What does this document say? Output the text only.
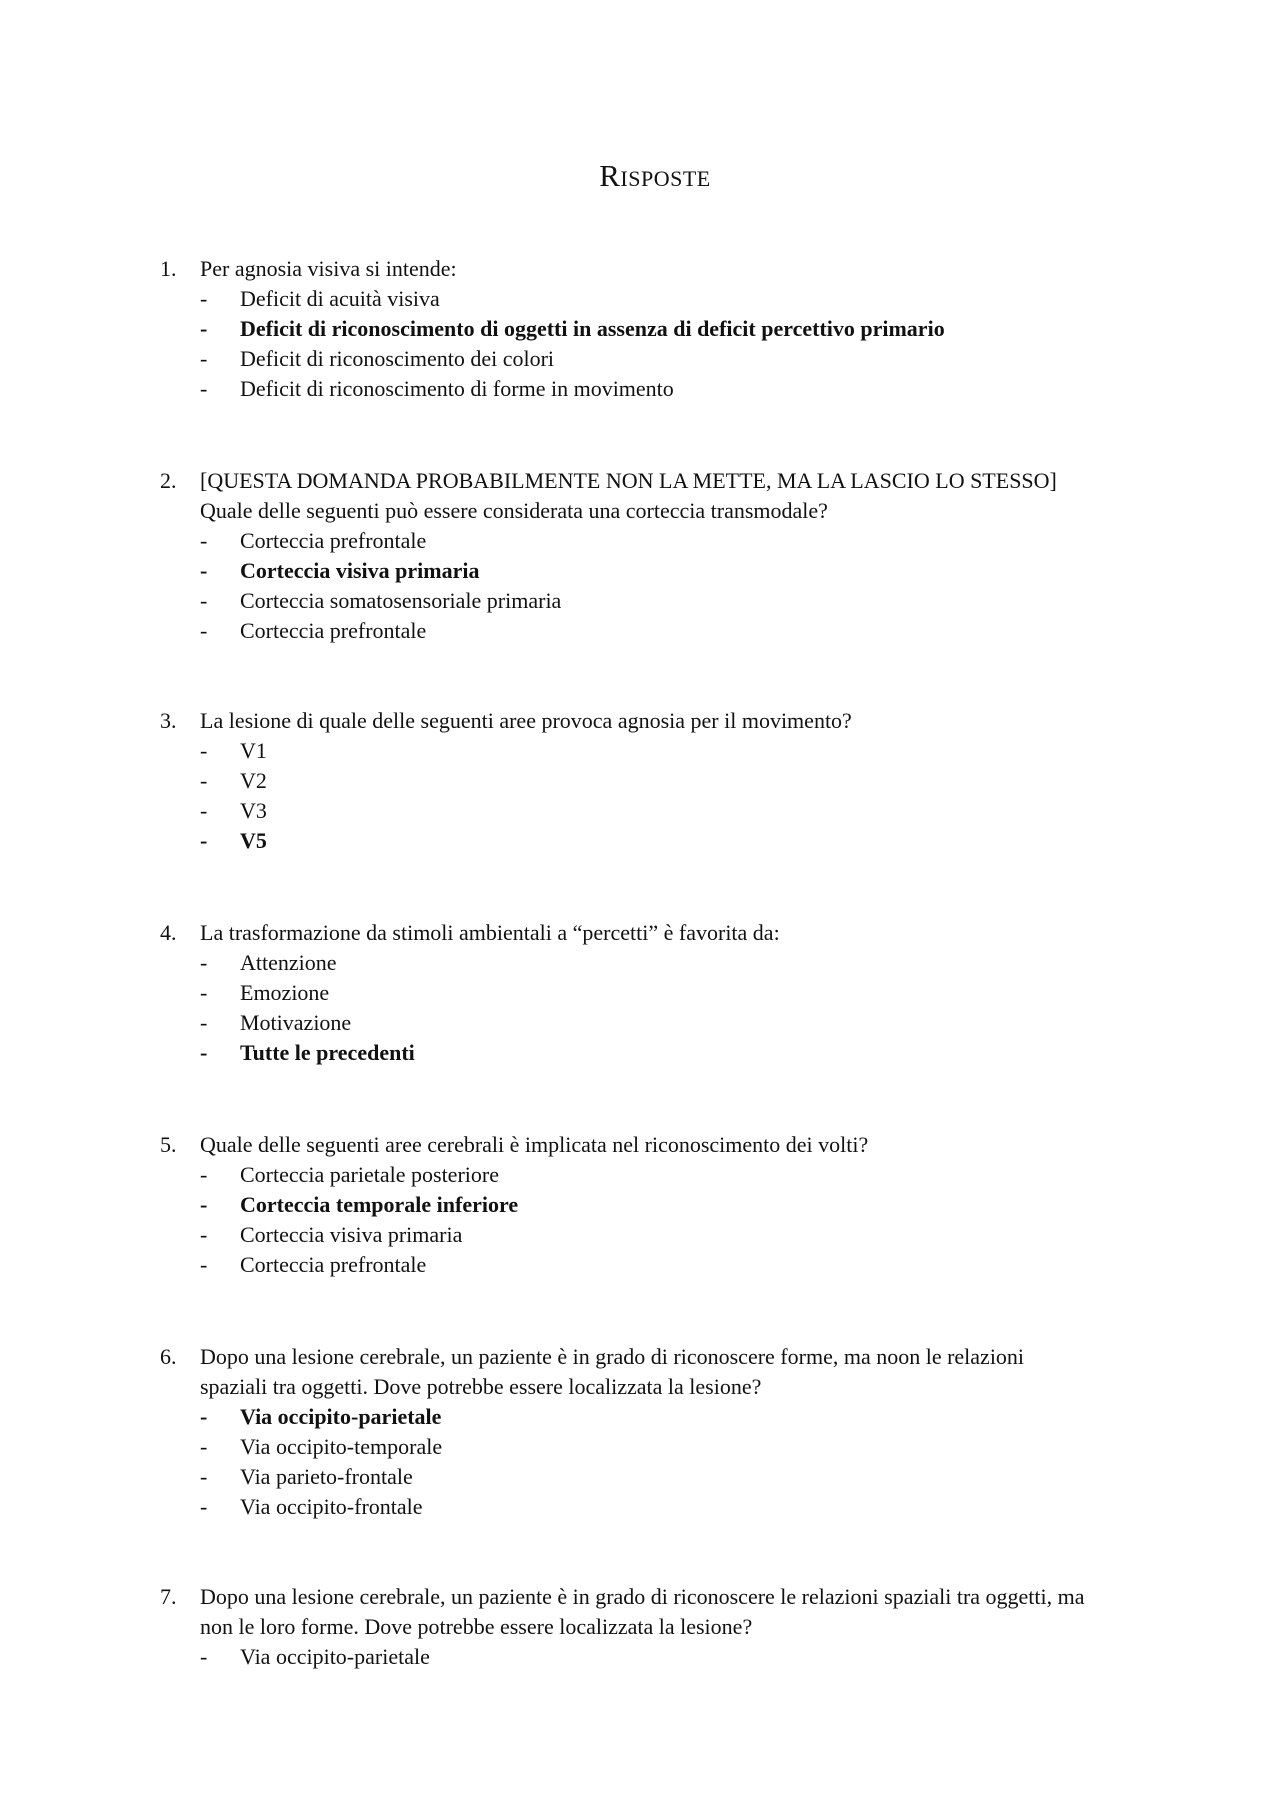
Risposte
1.	Per agnosia visiva si intende:
-	Deficit di acuità visiva
-	Deficit di riconoscimento di oggetti in assenza di deficit percettivo primario
-	Deficit di riconoscimento dei colori
-	Deficit di riconoscimento di forme in movimento
2.	[QUESTA DOMANDA PROBABILMENTE NON LA METTE, MA LA LASCIO LO STESSO]
Quale delle seguenti può essere considerata una corteccia transmodale?
-	Corteccia prefrontale
-	Corteccia visiva primaria
-	Corteccia somatosensoriale primaria
-	Corteccia prefrontale
3.	La lesione di quale delle seguenti aree provoca agnosia per il movimento?
-	V1
-	V2
-	V3
-	V5
4.	La trasformazione da stimoli ambientali a “percetti” è favorita da:
-	Attenzione
-	Emozione
-	Motivazione
-	Tutte le precedenti
5.	Quale delle seguenti aree cerebrali è implicata nel riconoscimento dei volti?
-	Corteccia parietale posteriore
-	Corteccia temporale inferiore
-	Corteccia visiva primaria
-	Corteccia prefrontale
6.	Dopo una lesione cerebrale, un paziente è in grado di riconoscere forme, ma noon le relazioni
spaziali tra oggetti. Dove potrebbe essere localizzata la lesione?
-	Via occipito-parietale
-	Via occipito-temporale
-	Via parieto-frontale
-	Via occipito-frontale
7.	Dopo una lesione cerebrale, un paziente è in grado di riconoscere le relazioni spaziali tra oggetti, ma
non le loro forme. Dove potrebbe essere localizzata la lesione?
-	Via occipito-parietale
